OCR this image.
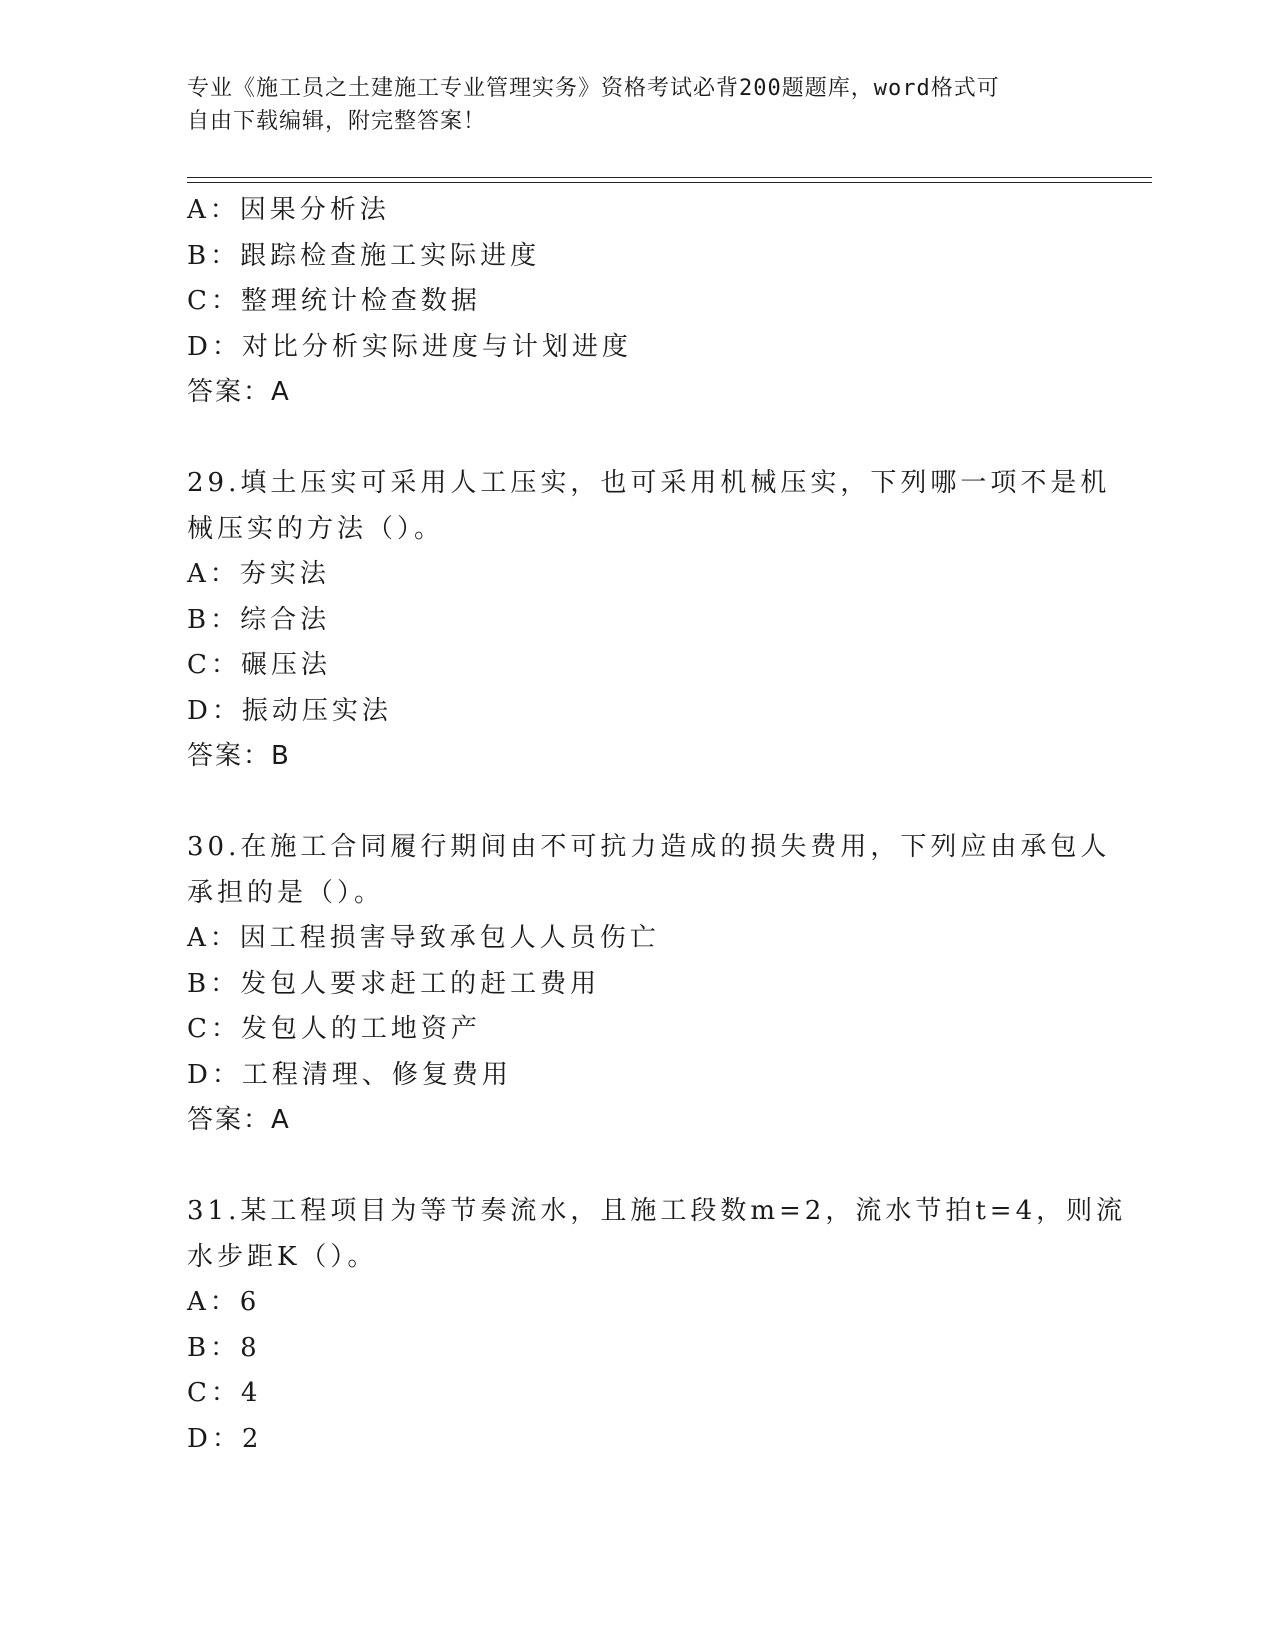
专业《施工员之土建施工专业管理实务》资格考试必背200题题库，word格式可
自由下载编辑，附完整答案！
A：因果分析法
B：跟踪检查施工实际进度
C：整理统计检查数据
D：对比分析实际进度与计划进度
答案：A
29.填土压实可采用人工压实，也可采用机械压实，下列哪一项不是机
械压实的方法（）。
A：夯实法
B：综合法
C：碾压法
D：振动压实法
答案：B
30.在施工合同履行期间由不可抗力造成的损失费用，下列应由承包人
承担的是（）。
A：因工程损害导致承包人人员伤亡
B：发包人要求赶工的赶工费用
C：发包人的工地资产
D：工程清理、修复费用
答案：A
31.某工程项目为等节奏流水，且施工段数m=2，流水节拍t=4，则流
水步距K（）。
A：6
B：8
C：4
D：2
